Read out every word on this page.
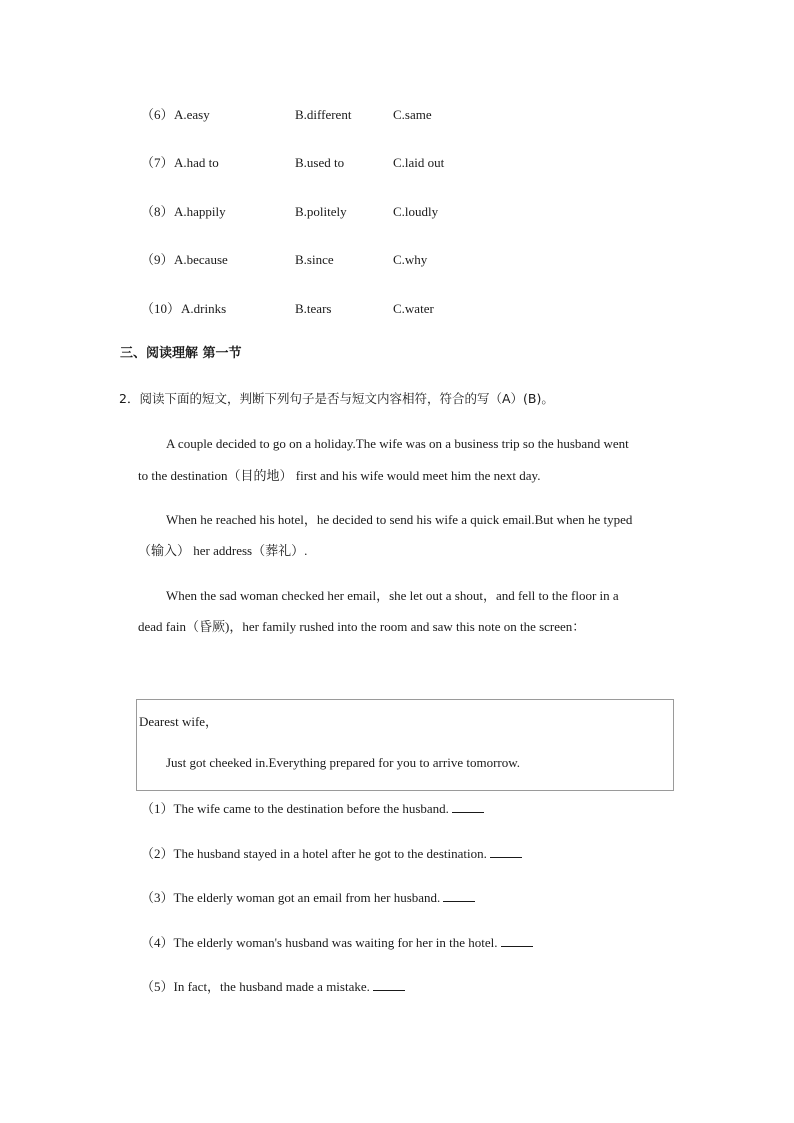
（6） A.easy	B.different	C.same
（7） A.had to	B.used to	C.laid out
（8） A.happily	B.politely	C.loudly
（9） A.because	B.since	C.why
（10） A.drinks	B.tears	C.water
三、阅读理解 第一节
2．阅读下面的短文，判断下列句子是否与短文内容相符，符合的写（A）(B)。
A couple decided to go on a holiday.The wife was on a business trip so the husband went
to the destination（目的地） first and his wife would meet him the next day.
When he reached his hotel，he decided to send his wife a quick email.But when he typed
（输入） her address（葬礼）.
When the sad woman checked her email，she let out a shout，and fell to the floor in a
dead fain（昏厥)，her family rushed into the room and saw this note on the screen：
Dearest wife，
Just got cheeked in.Everything prepared for you to arrive tomorrow.
（1）The wife came to the destination before the husband.
（2）The husband stayed in a hotel after he got to the destination.
（3）The elderly woman got an email from her husband.
（4）The elderly woman's husband was waiting for her in the hotel.
（5）In fact，the husband made a mistake.
